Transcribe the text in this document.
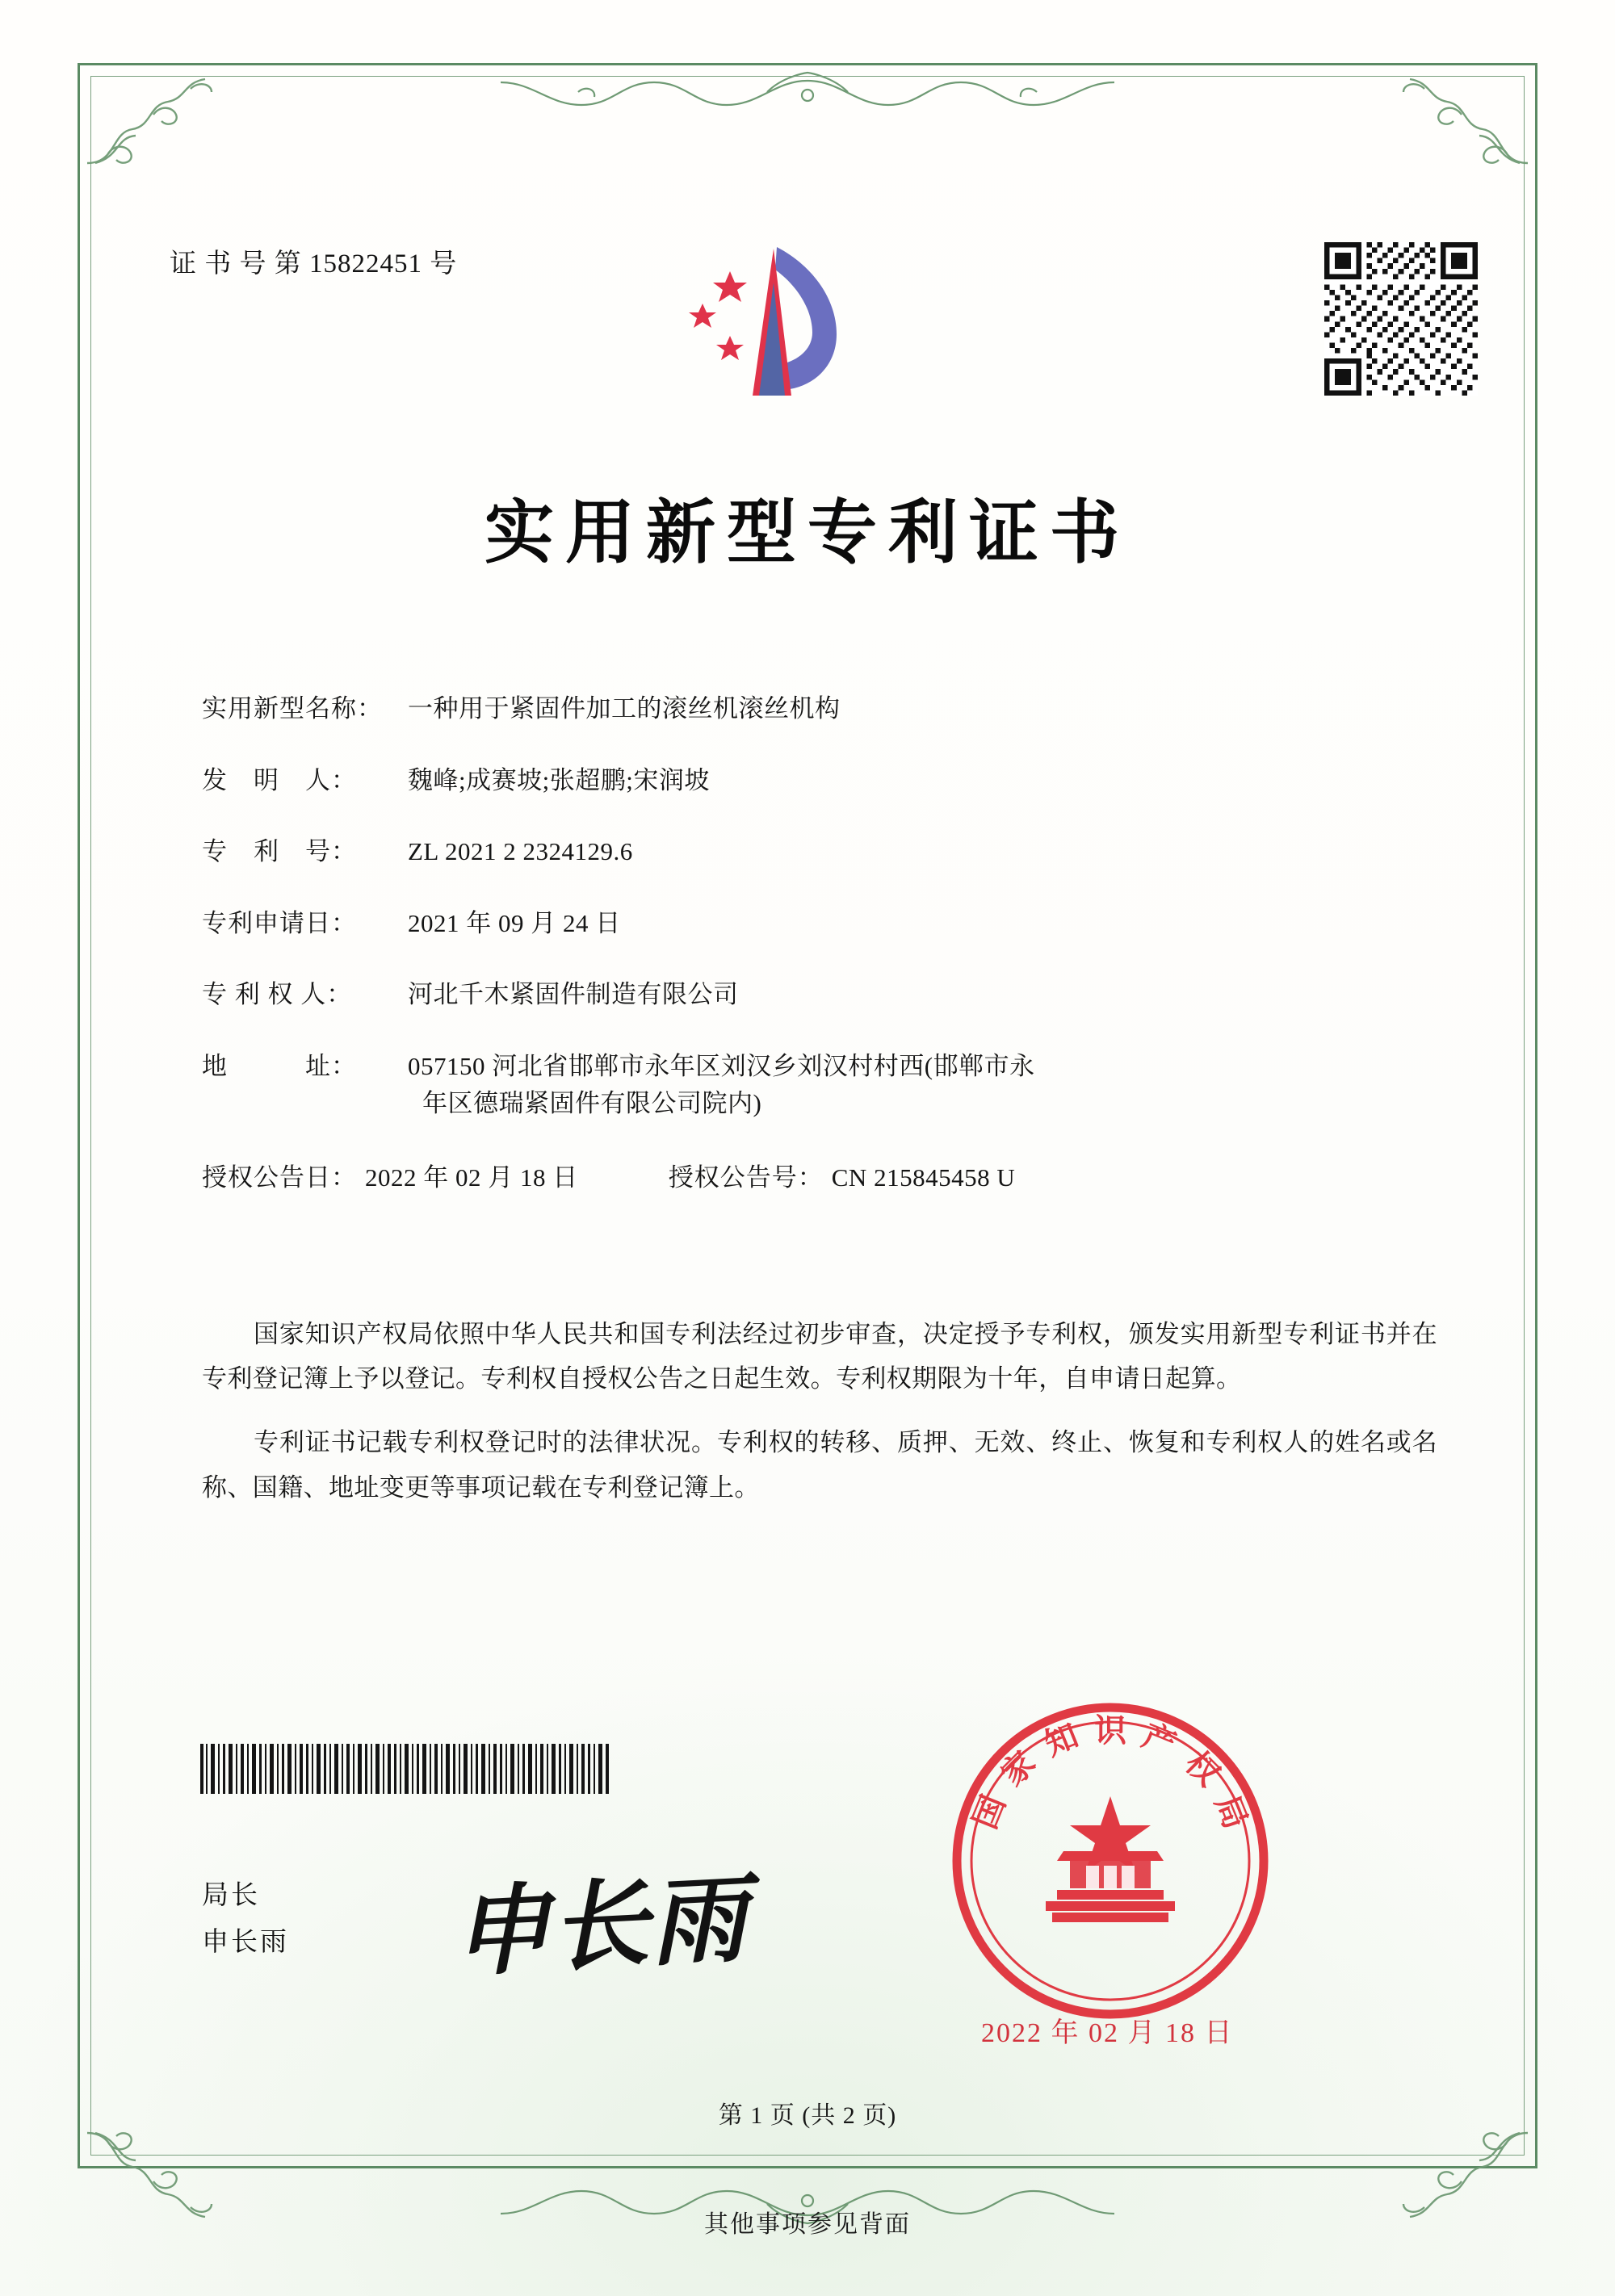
证 书 号 第 15822451 号
实用新型专利证书
实用新型名称：	一种用于紧固件加工的滚丝机滚丝机构
发　明　人：	魏峰;成赛坡;张超鹏;宋润坡
专　利　号：	ZL 2021 2 2324129.6
专利申请日：	2021 年 09 月 24 日
专 利 权 人：	河北千木紧固件制造有限公司
地　　　址：	057150 河北省邯郸市永年区刘汉乡刘汉村村西(邯郸市永
年区德瑞紧固件有限公司院内)
授权公告日： 2022 年 02 月 18 日	授权公告号： CN 215845458 U

国家知识产权局依照中华人民共和国专利法经过初步审查，决定授予专利权，颁发实用新型专利证书并在专利登记簿上予以登记。专利权自授权公告之日起生效。专利权期限为十年，自申请日起算。

专利证书记载专利权登记时的法律状况。专利权的转移、质押、无效、终止、恢复和专利权人的姓名或名称、国籍、地址变更等事项记载在专利登记簿上。

局长
申长雨 申长雨
国
家
知 识 产
权
局
2022 年 02 月 18 日
第 1 页 (共 2 页)
其他事项参见背面
